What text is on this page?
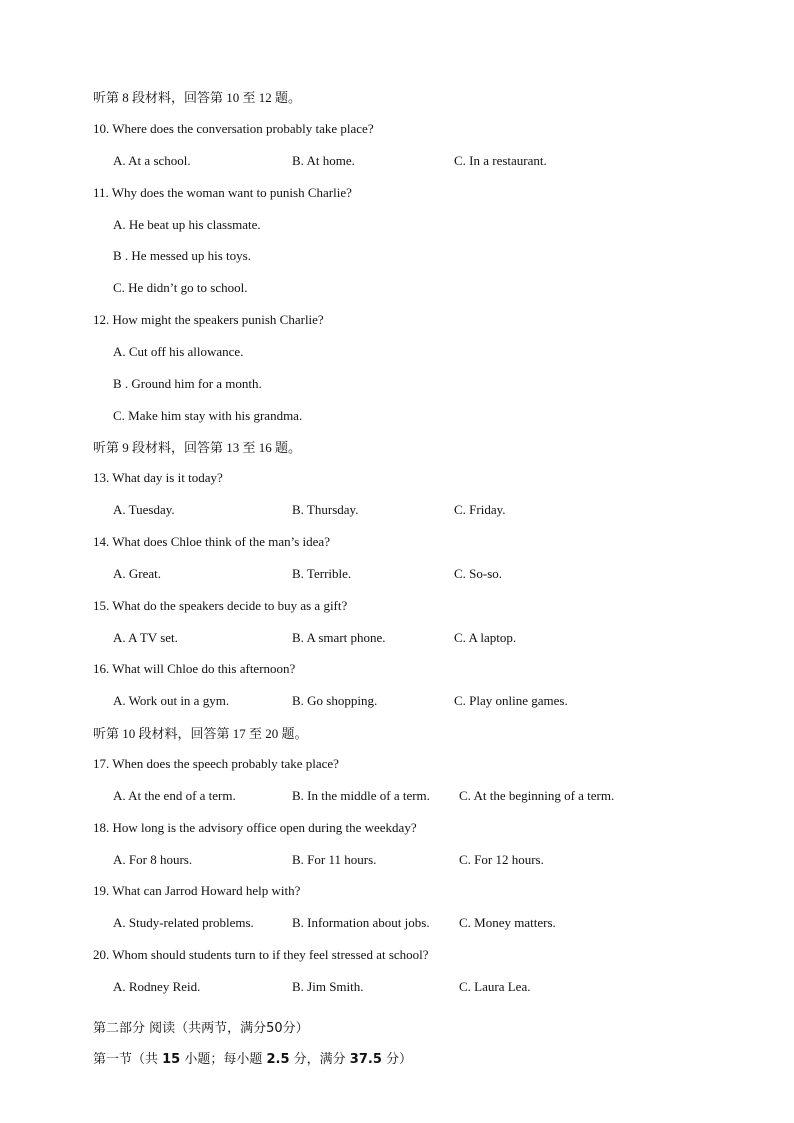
听第 8 段材料，回答第 10 至 12 题。
10. Where does the conversation probably take place?
A. At a school.	B. At home.	C. In a restaurant.
11. Why does the woman want to punish Charlie?
A. He beat up his classmate.
B . He messed up his toys.
C. He didn’t go to school.
12. How might the speakers punish Charlie?
A. Cut off his allowance.
B . Ground him for a month.
C. Make him stay with his grandma.
听第 9 段材料，回答第 13 至 16 题。
13. What day is it today?
A. Tuesday.	B. Thursday.	C. Friday.
14. What does Chloe think of the man’s idea?
A. Great.	B. Terrible.	C. So-so.
15. What do the speakers decide to buy as a gift?
A. A TV set.	B. A smart phone.	C. A laptop.
16. What will Chloe do this afternoon?
A. Work out in a gym.	B. Go shopping.	C. Play online games.
听第 10 段材料，回答第 17 至 20 题。
17. When does the speech probably take place?
A. At the end of a term.	B. In the middle of a term. C. At the beginning of a term.
18. How long is the advisory office open during the weekday?
A. For 8 hours.	B. For 11 hours.	C. For 12 hours.
19. What can Jarrod Howard help with?
A. Study-related problems.	B. Information about jobs. C. Money matters.
20. Whom should students turn to if they feel stressed at school?
A. Rodney Reid.	B. Jim Smith.	C. Laura Lea.
第二部分 阅读（共两节，满分50分）
第一节（共 15 小题；每小题 2.5 分，满分 37.5 分）
